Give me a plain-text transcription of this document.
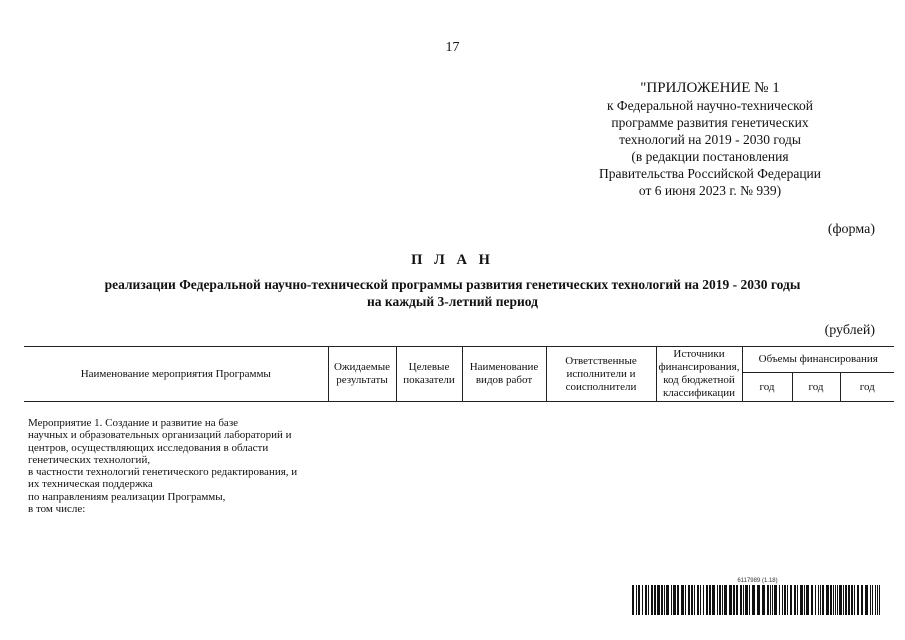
17
"ПРИЛОЖЕНИЕ № 1
к Федеральной научно-технической
программе развития генетических
технологий на 2019 - 2030 годы
(в редакции постановления
Правительства Российской Федерации
от 6 июня 2023 г. № 939)
(форма)
П Л А Н
реализации Федеральной научно-технической программы развития генетических технологий на 2019 - 2030 годы
на каждый 3-летний период
(рублей)
Наименование мероприятия Программы	Ожидаемые результаты	Целевые показатели	Наименование видов работ	Ответственные исполнители и соисполнители	Источники финансирования, код бюджетной классификации	Объемы финансирования		
						год	год	год

Мероприятие 1. Создание и развитие на базе
научных и образовательных организаций лабораторий и
центров, осуществляющих исследования в области
генетических технологий,
в частности технологий генетического редактирования, и
их техническая поддержка
по направлениям реализации Программы,
в том числе:
6117989 (1.18)
